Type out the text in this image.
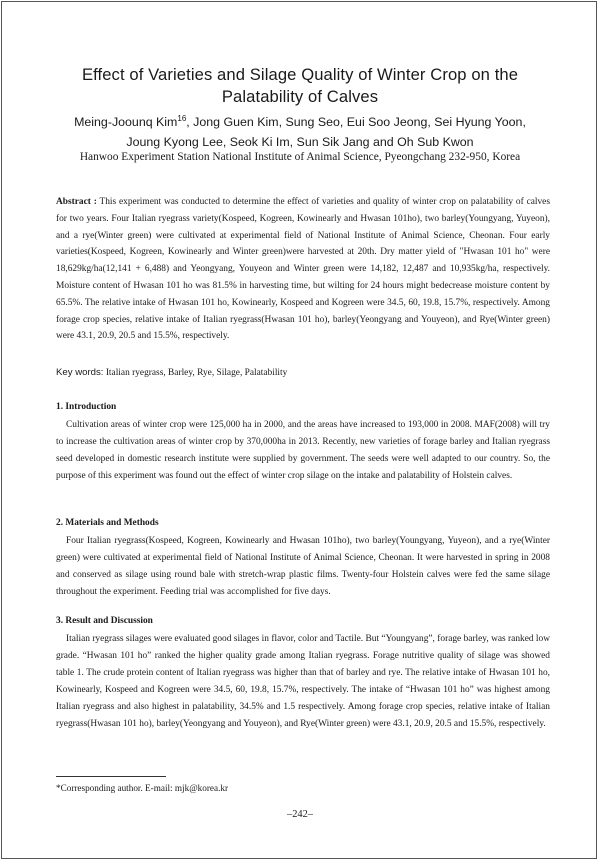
Effect of Varieties and Silage Quality of Winter Crop on the Palatability of Calves
Meing-Joounq Kim$^{16}$, Jong Guen Kim, Sung Seo, Eui Soo Jeong, Sei Hyung Yoon,
Joung Kyong Lee, Seok Ki Im, Sun Sik Jang and Oh Sub Kwon
Hanwoo Experiment Station National Institute of Animal Science, Pyeongchang 232-950, Korea
Abstract : This experiment was conducted to determine the effect of varieties and quality of winter crop on palatability of calves for two years. Four Italian ryegrass variety(Kospeed, Kogreen, Kowinearly and Hwasan 101ho), two barley(Youngyang, Yuyeon), and a rye(Winter green) were cultivated at experimental field of National Institute of Animal Science, Cheonan. Four early varieties(Kospeed, Kogreen, Kowinearly and Winter green)were harvested at 20th. Dry matter yield of "Hwasan 101 ho" were 18,629kg/ha(12,141 + 6,488) and Yeongyang, Youyeon and Winter green were 14,182, 12,487 and 10,935kg/ha, respectively. Moisture content of Hwasan 101 ho was 81.5% in harvesting time, but wilting for 24 hours might bedecrease moisture content by 65.5%. The relative intake of Hwasan 101 ho, Kowinearly, Kospeed and Kogreen were 34.5, 60, 19.8, 15.7%, respectively. Among forage crop species, relative intake of Italian ryegrass(Hwasan 101 ho), barley(Yeongyang and Youyeon), and Rye(Winter green) were 43.1, 20.9, 20.5 and 15.5%, respectively.
Key words: Italian ryegrass, Barley, Rye, Silage, Palatability
1. Introduction
Cultivation areas of winter crop were 125,000 ha in 2000, and the areas have increased to 193,000 in 2008. MAF(2008) will try to increase the cultivation areas of winter crop by 370,000ha in 2013. Recently, new varieties of forage barley and Italian ryegrass seed developed in domestic research institute were supplied by government. The seeds were well adapted to our country. So, the purpose of this experiment was found out the effect of winter crop silage on the intake and palatability of Holstein calves.
2. Materials and Methods
Four Italian ryegrass(Kospeed, Kogreen, Kowinearly and Hwasan 101ho), two barley(Youngyang, Yuyeon), and a rye(Winter green) were cultivated at experimental field of National Institute of Animal Science, Cheonan. It were harvested in spring in 2008 and conserved as silage using round bale with stretch-wrap plastic films. Twenty-four Holstein calves were fed the same silage throughout the experiment. Feeding trial was accomplished for five days.
3. Result and Discussion
Italian ryegrass silages were evaluated good silages in flavor, color and Tactile. But “Youngyang”, forage barley, was ranked low grade. “Hwasan 101 ho” ranked the higher quality grade among Italian ryegrass. Forage nutritive quality of silage was showed table 1. The crude protein content of Italian ryegrass was higher than that of barley and rye. The relative intake of Hwasan 101 ho, Kowinearly, Kospeed and Kogreen were 34.5, 60, 19.8, 15.7%, respectively. The intake of “Hwasan 101 ho” was highest among Italian ryegrass and also highest in palatability, 34.5% and 1.5 respectively. Among forage crop species, relative intake of Italian ryegrass(Hwasan 101 ho), barley(Yeongyang and Youyeon), and Rye(Winter green) were 43.1, 20.9, 20.5 and 15.5%, respectively.
*Corresponding author. E-mail: mjk@korea.kr
–242–
